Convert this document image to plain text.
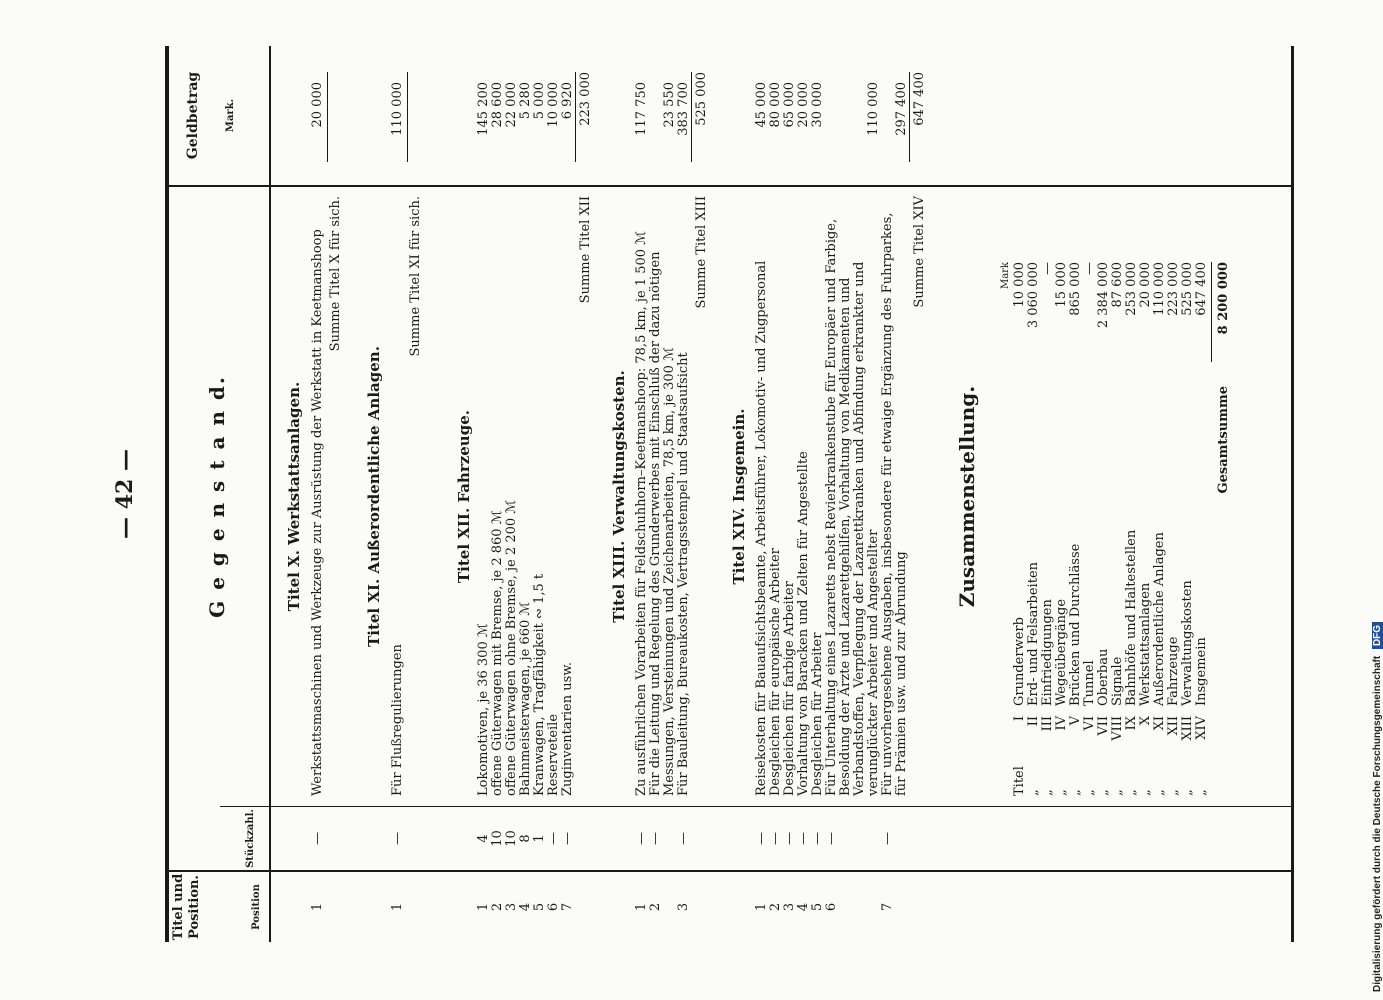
— 42 —
Titel und Position.	Position
Stückzahl.
G e g e n s t a n d.
Geldbetrag Mark.
Titel X. Werkstattsanlagen.
1
—
Werkstattsmaschinen und Werkzeuge zur Ausrüstung der Werkstatt in Keetmanshoop
20 000
Summe Titel X für sich.
Titel XI. Außerordentliche Anlagen.
1
—
Für Flußregulierungen
110 000
Summe Titel XI für sich.
Titel XII. Fahrzeuge.
1
4
Lokomotiven, je 36 300 ℳ
145 200
2
10
offene Güterwagen mit Bremse, je 2 860 ℳ
28 600
3
10
offene Güterwagen ohne Bremse, je 2 200 ℳ
22 000
4
8
Bahnmeisterwagen, je 660 ℳ
5 280
5
1
Kranwagen, Tragfähigkeit ∾ 1,5 t
5 000
6
—
Reserveteile
10 000
7
—
Zuginventarien usw.
6 920
Summe Titel XII
223 000
Titel XIII. Verwaltungskosten.
1
—
Zu ausführlichen Vorarbeiten für Feldschuhhorn–Keetmanshoop: 78,5 km, je 1 500 ℳ
117 750
2
—
Für die Leitung und Regelung des Grunderwerbes mit Einschluß der dazu nötigen Messungen, Versteinungen und Zeichenarbeiten, 78,5 km, je 300 ℳ
23 550
3
—
Für Bauleitung, Bureaukosten, Vertragsstempel und Staatsaufsicht
383 700
Summe Titel XIII
525 000
Titel XIV. Insgemein.
1
—
Reisekosten für Bauaufsichtsbeamte, Arbeitsführer, Lokomotiv- und Zugpersonal
45 000
2
—
Desgleichen für europäische Arbeiter
80 000
3
—
Desgleichen für farbige Arbeiter
65 000
4
—
Vorhaltung von Baracken und Zelten für Angestellte
20 000
5
—
Desgleichen für Arbeiter
30 000
6
—
Für Unterhaltung eines Lazaretts nebst Revierkrankenstube für Europäer und Farbige, Besoldung der Ärzte und Lazarettgehilfen, Vorhaltung von Medikamenten und Verbandstoffen, Verpflegung der Lazarettkranken und Abfindung erkrankter und verunglückter Arbeiter und Angestellter
110 000
7
—
Für unvorhergesehene Ausgaben, insbesondere für etwaige Ergänzung des Fuhrparkes, für Prämien usw. und zur Abrundung
297 400
Summe Titel XIV
647 400
Zusammenstellung.
Mark
Titel
I
Grunderwerb
10 000
„
II
Erd- und Felsarbeiten
3 060 000
„
III
Einfriedigungen
—
„
IV
Wegeübergänge
15 000
„
V
Brücken und Durchlässe
865 000
„
VI
Tunnel
—
„
VII
Oberbau
2 384 000
„
VIII
Signale
87 600
„
IX
Bahnhöfe und Haltestellen
253 000
„
X
Werkstattsanlagen
20 000
„
XI
Außerordentliche Anlagen
110 000
„
XII
Fahrzeuge
223 000
„
XIII
Verwaltungskosten
525 000
„
XIV
Insgemein
647 400
Gesamtsumme
8 200 000
Digitalisierung gefördert durch die Deutsche Forschungsgemeinschaft DFG
